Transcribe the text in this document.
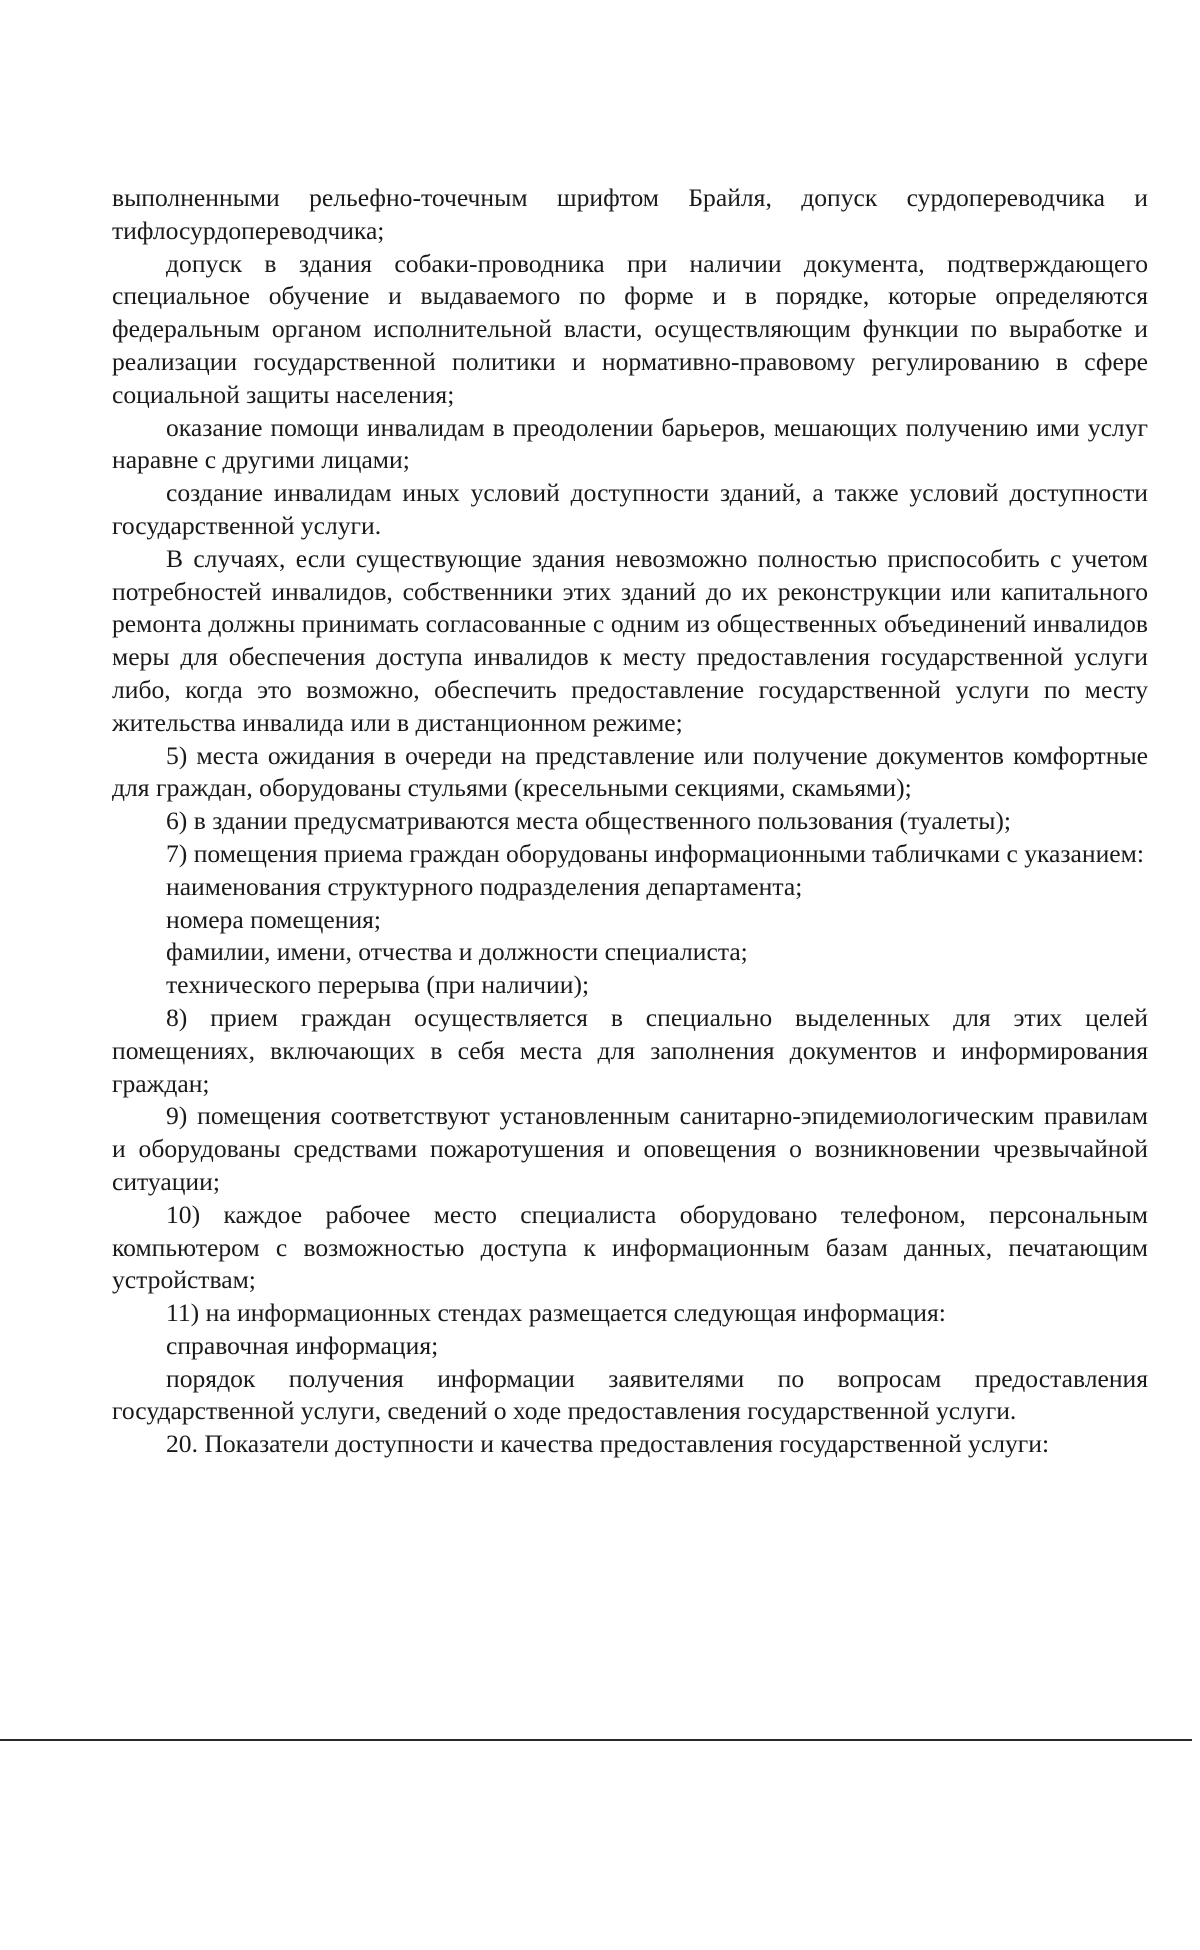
выполненными рельефно-точечным шрифтом Брайля, допуск сурдопереводчика и тифлосурдопереводчика;

допуск в здания собаки-проводника при наличии документа, подтверждающего специальное обучение и выдаваемого по форме и в порядке, которые определяются федеральным органом исполнительной власти, осуществляющим функции по выработке и реализации государственной политики и нормативно-правовому регулированию в сфере социальной защиты населения;

оказание помощи инвалидам в преодолении барьеров, мешающих получению ими услуг наравне с другими лицами;

создание инвалидам иных условий доступности зданий, а также условий доступности государственной услуги.

В случаях, если существующие здания невозможно полностью приспособить с учетом потребностей инвалидов, собственники этих зданий до их реконструкции или капитального ремонта должны принимать согласованные с одним из общественных объединений инвалидов меры для обеспечения доступа инвалидов к месту предоставления государственной услуги либо, когда это возможно, обеспечить предоставление государственной услуги по месту жительства инвалида или в дистанционном режиме;

5) места ожидания в очереди на представление или получение документов комфортные для граждан, оборудованы стульями (кресельными секциями, скамьями);

6) в здании предусматриваются места общественного пользования (туалеты);

7) помещения приема граждан оборудованы информационными табличками с указанием:

наименования структурного подразделения департамента;

номера помещения;

фамилии, имени, отчества и должности специалиста;

технического перерыва (при наличии);

8) прием граждан осуществляется в специально выделенных для этих целей помещениях, включающих в себя места для заполнения документов и информирования граждан;

9) помещения соответствуют установленным санитарно-эпидемиологическим правилам и оборудованы средствами пожаротушения и оповещения о возникновении чрезвычайной ситуации;

10) каждое рабочее место специалиста оборудовано телефоном, персональным компьютером с возможностью доступа к информационным базам данных, печатающим устройствам;

11) на информационных стендах размещается следующая информация:

справочная информация;

порядок получения информации заявителями по вопросам предоставления государственной услуги, сведений о ходе предоставления государственной услуги.

20. Показатели доступности и качества предоставления государственной услуги:
